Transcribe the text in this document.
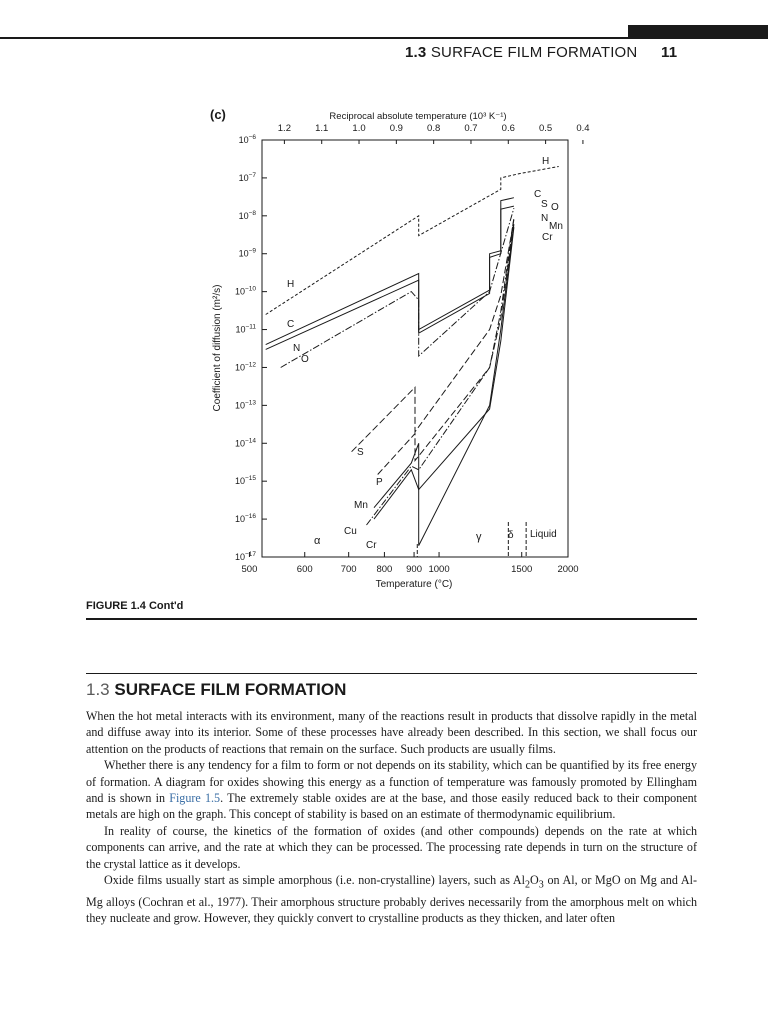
1.3 SURFACE FILM FORMATION 11
(c)	Reciprocal absolute temperature (10³ K⁻¹)
1.2	1.1	1.0	0.9	0.8	0.7	0.6	0.5	0.4
$10^{-6}$
$10^{-7}$
$10^{-8}$
$10^{-9}$
$10^{-10}$
$10^{-11}$
$10^{-12}$
$10^{-13}$
$10^{-14}$
$10^{-15}$
$10^{-16}$
$10^{-17}$
500	600	700 800 900 1000	1500	2000
Temperature (°C)
Coefficient of diffusion (m²/s)
α	γ	δ Liquid
H
C
N
O
H
C
S O
N
Mn
Cr
S
P
Mn
Cu
Cr
FIGURE 1.4 Cont'd
1.3 SURFACE FILM FORMATION

When the hot metal interacts with its environment, many of the reactions result in products that dissolve rapidly in the metal and diffuse away into its interior. Some of these processes have already been described. In this section, we shall focus our attention on the products of reactions that remain on the surface. Such products are usually films.

Whether there is any tendency for a film to form or not depends on its stability, which can be quantified by its free energy of formation. A diagram for oxides showing this energy as a function of temperature was famously promoted by Ellingham and is shown in Figure 1.5. The extremely stable oxides are at the base, and those easily reduced back to their component metals are high on the graph. This concept of stability is based on an estimate of thermodynamic equilibrium.

In reality of course, the kinetics of the formation of oxides (and other compounds) depends on the rate at which components can arrive, and the rate at which they can be processed. The processing rate depends in turn on the structure of the crystal lattice as it develops.

Oxide films usually start as simple amorphous (i.e. non-crystalline) layers, such as $Al_2O_3$ on Al, or MgO on Mg and Al-Mg alloys (Cochran et al., 1977). Their amorphous structure probably derives necessarily from the amorphous melt on which they nucleate and grow. However, they quickly convert to crystalline products as they thicken, and later often
